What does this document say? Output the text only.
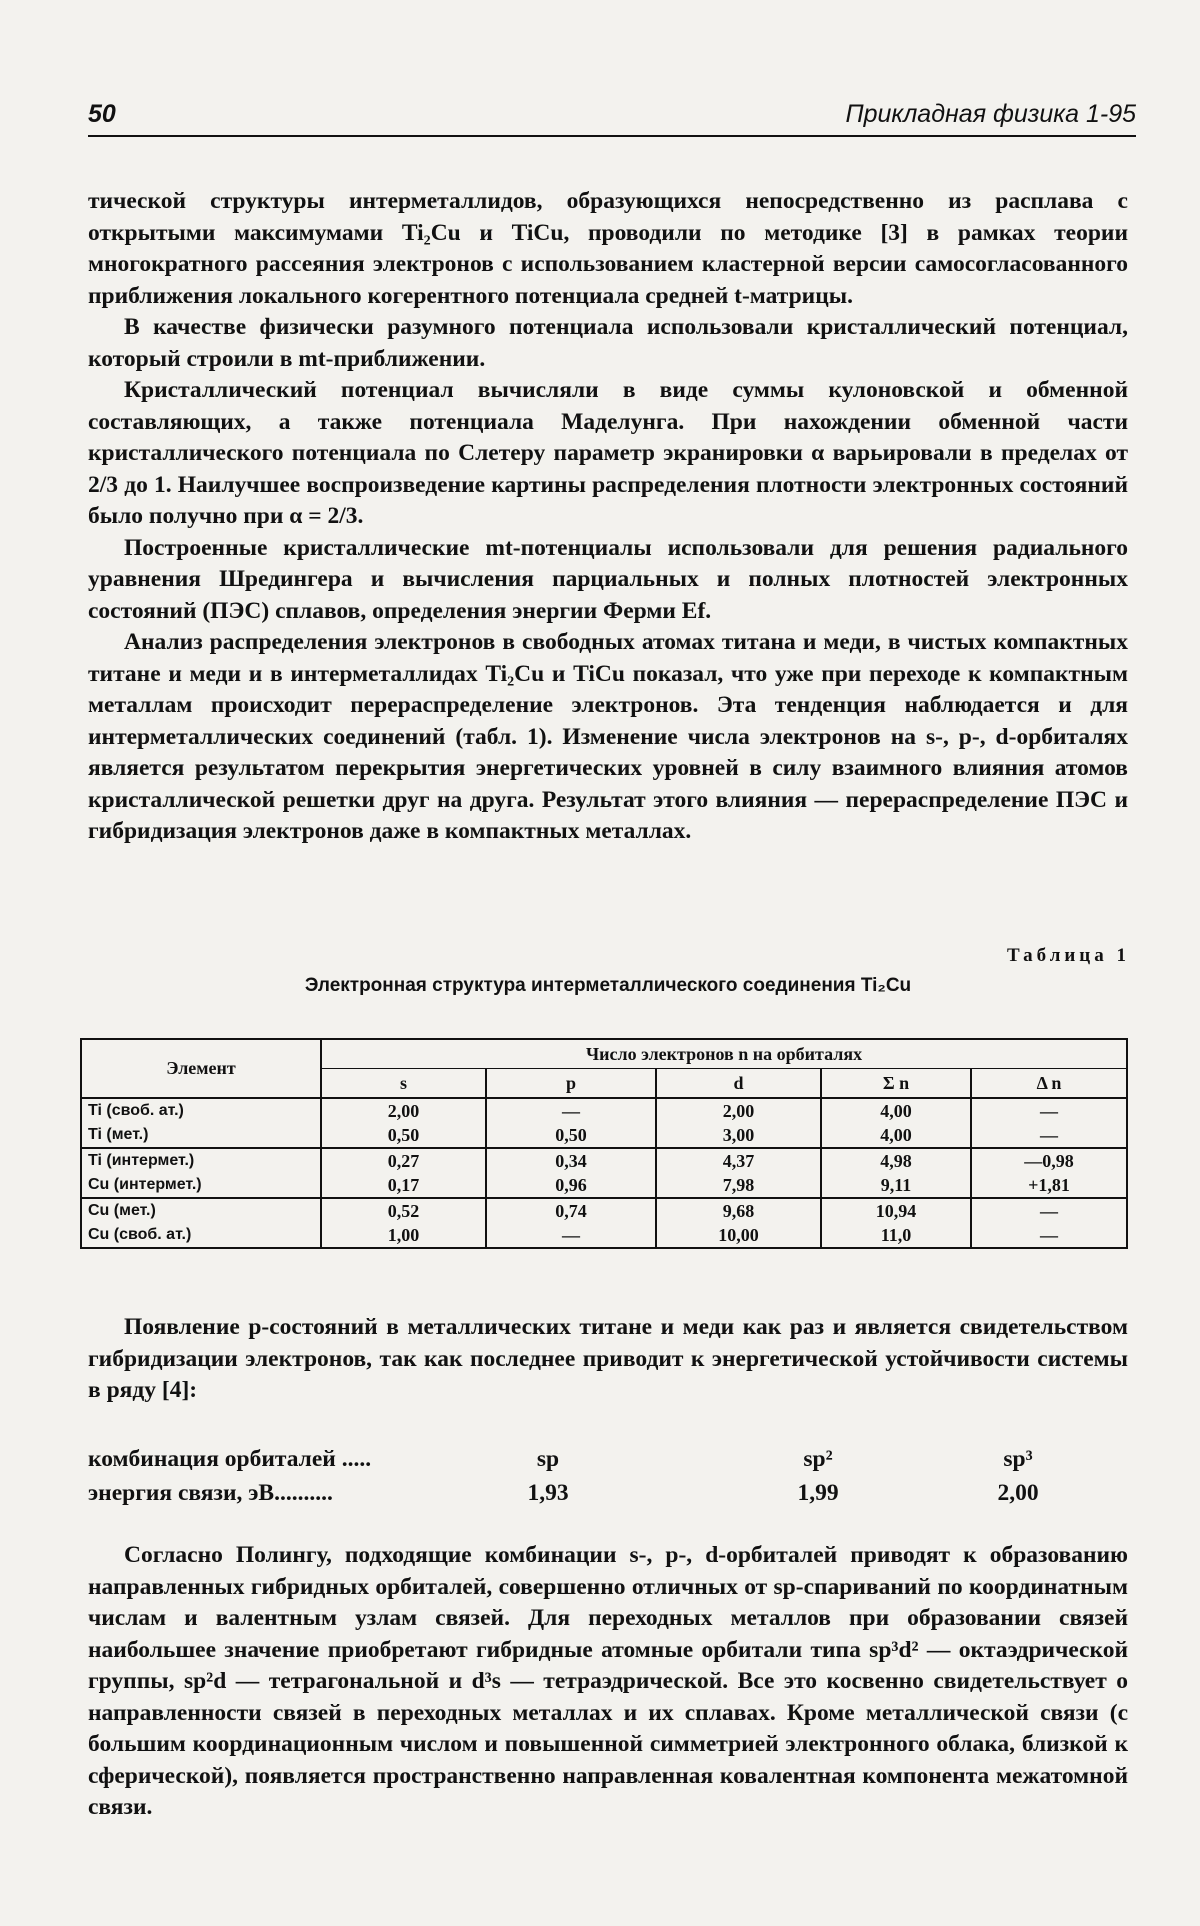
50	Прикладная физика 1-95

тической структуры интерметаллидов, образующихся непосредственно из расплава с открытыми максимумами Ti₂Cu и TiCu, проводили по методике [3] в рамках теории многократного рассеяния электронов с использованием кластерной версии самосогласованного приближения локального когерентного потенциала средней t-матрицы.

В качестве физически разумного потенциала использовали кристаллический потенциал, который строили в mt-приближении.

Кристаллический потенциал вычисляли в виде суммы кулоновской и обменной составляющих, а также потенциала Маделунга. При нахождении обменной части кристаллического потенциала по Слетеру параметр экранировки α варьировали в пределах от 2/3 до 1. Наилучшее воспроизведение картины распределения плотности электронных состояний было получно при α = 2/3.

Построенные кристаллические mt-потенциалы использовали для решения радиального уравнения Шредингера и вычисления парциальных и полных плотностей электронных состояний (ПЭС) сплавов, определения энергии Ферми Ef.

Анализ распределения электронов в свободных атомах титана и меди, в чистых компактных титане и меди и в интерметаллидах Ti₂Cu и TiCu показал, что уже при переходе к компактным металлам происходит перераспределение электронов. Эта тенденция наблюдается и для интерметаллических соединений (табл. 1). Изменение числа электронов на s-, p-, d-орбиталях является результатом перекрытия энергетических уровней в силу взаимного влияния атомов кристаллической решетки друг на друга. Результат этого влияния — перераспределение ПЭС и гибридизация электронов даже в компактных металлах.

Таблица 1
Электронная структура интерметаллического соединения Ti₂Cu
Элемент	Число электронов n на орбиталях				
	s	p	d	Σ n	Δ n
Ti (своб. ат.)	2,00	—	2,00	4,00	—
Ti (мет.)	0,50	0,50	3,00	4,00	—
Ti (интермет.)	0,27	0,34	4,37	4,98	—0,98
Cu (интермет.)	0,17	0,96	7,98	9,11	+1,81
Cu (мет.)	0,52	0,74	9,68	10,94	—
Cu (своб. ат.)	1,00	—	10,00	11,0	—

Появление p-состояний в металлических титане и меди как раз и является свидетельством гибридизации электронов, так как последнее приводит к энергетической устойчивости системы в ряду [4]:

комбинация орбиталей .....	sp	sp²	sp³
энергия связи, эВ..........	1,93	1,99	2,00

Согласно Полингу, подходящие комбинации s-, p-, d-орбиталей приводят к образованию направленных гибридных орбиталей, совершенно отличных от sp-спариваний по координатным числам и валентным узлам связей. Для переходных металлов при образовании связей наибольшее значение приобретают гибридные атомные орбитали типа sp³d² — октаэдрической группы, sp²d — тетрагональной и d³s — тетраэдрической. Все это косвенно свидетельствует о направленности связей в переходных металлах и их сплавах. Кроме металлической связи (с большим координационным числом и повышенной симметрией электронного облака, близкой к сферической), появляется пространственно направленная ковалентная компонента межатомной связи.
